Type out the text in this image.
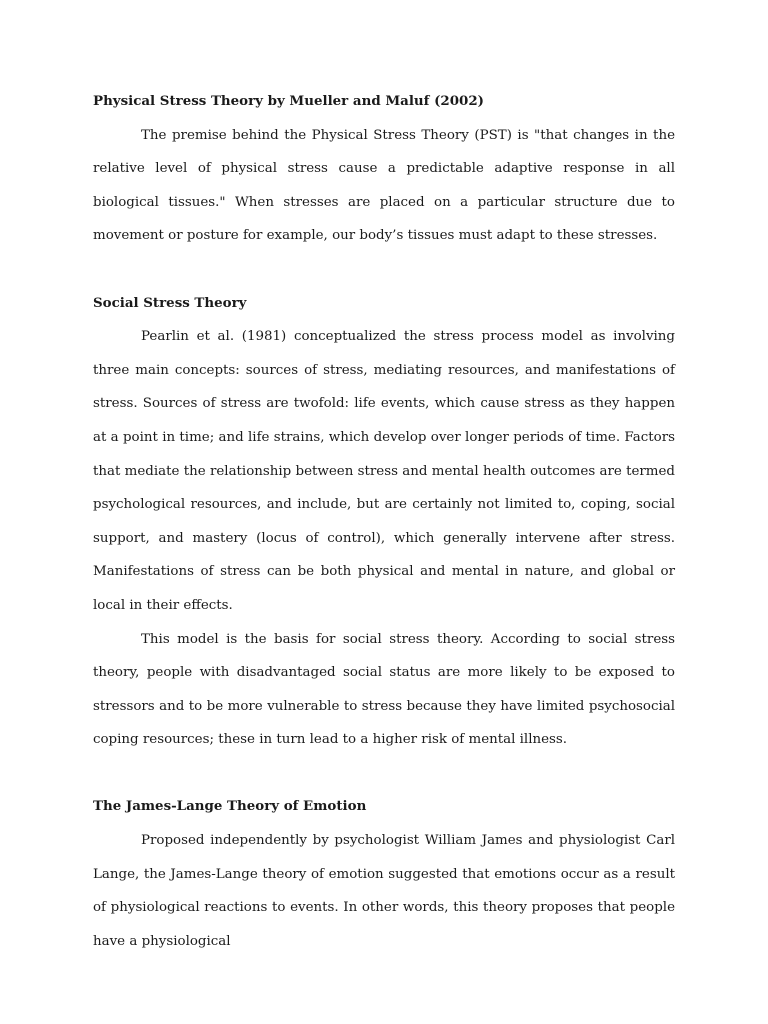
Physical Stress Theory by Mueller and Maluf (2002)

The premise behind the Physical Stress Theory (PST) is "that changes in the relative level of physical stress cause a predictable adaptive response in all biological tissues." When stresses are placed on a particular structure due to movement or posture for example, our body’s tissues must adapt to these stresses.

Social Stress Theory

Pearlin et al. (1981) conceptualized the stress process model as involving three main concepts: sources of stress, mediating resources, and manifestations of stress. Sources of stress are twofold: life events, which cause stress as they happen at a point in time; and life strains, which develop over longer periods of time. Factors that mediate the relationship between stress and mental health outcomes are termed psychological resources, and include, but are certainly not limited to, coping, social support, and mastery (locus of control), which generally intervene after stress. Manifestations of stress can be both physical and mental in nature, and global or local in their effects.

This model is the basis for social stress theory. According to social stress theory, people with disadvantaged social status are more likely to be exposed to stressors and to be more vulnerable to stress because they have limited psychosocial coping resources; these in turn lead to a higher risk of mental illness.

The James-Lange Theory of Emotion

Proposed independently by psychologist William James and physiologist Carl Lange, the James-Lange theory of emotion suggested that emotions occur as a result of physiological reactions to events. In other words, this theory proposes that people have a physiological
